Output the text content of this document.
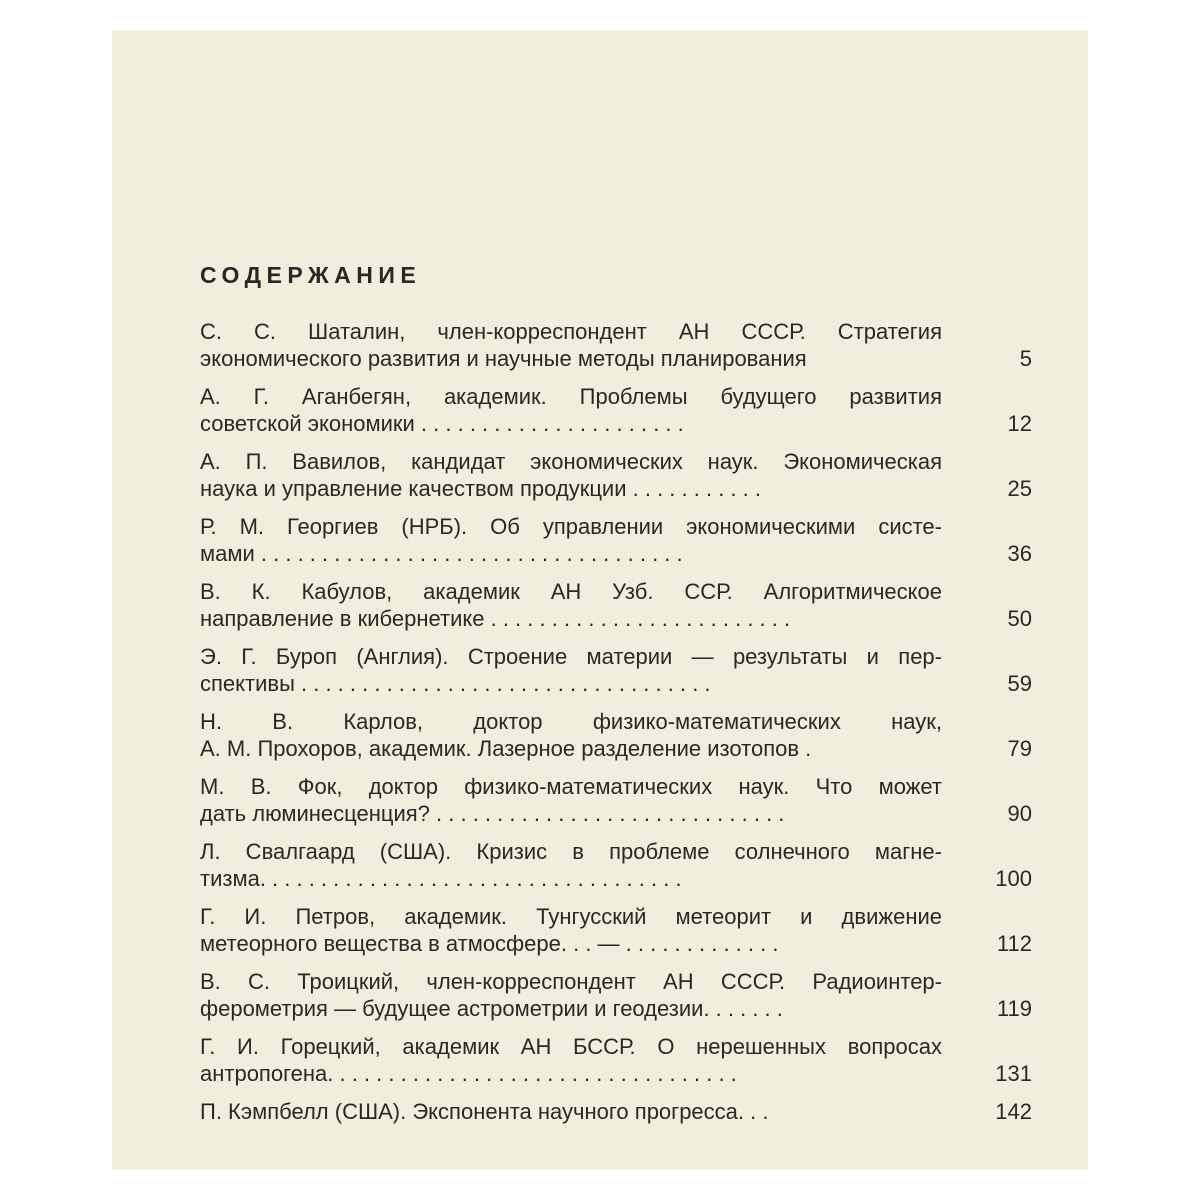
СОДЕРЖАНИЕ
С. С. Шаталин, член-корреспондент АН СССР. Стратегия
экономического развития и научные методы планирования	5
А. Г. Аганбегян, академик. Проблемы будущего развития
советской экономики . . . . . . . . . . . . . . . . . . . . . .	12
А. П. Вавилов, кандидат экономических наук. Экономическая
наука и управление качеством продукции . . . . . . . . . . .	25
Р. М. Георгиев (НРБ). Об управлении экономическими систе-
мами . . . . . . . . . . . . . . . . . . . . . . . . . . . . . . . . . . .	36
В. К. Кабулов, академик АН Узб. ССР. Алгоритмическое
направление в кибернетике . . . . . . . . . . . . . . . . . . . . . . . . .	50
Э. Г. Буроп (Англия). Строение материи — результаты и пер-
спективы . . . . . . . . . . . . . . . . . . . . . . . . . . . . . . . . . .	59
Н. В. Карлов, доктор физико-математических наук,
А. М. Прохоров, академик. Лазерное разделение изотопов .	79
М. В. Фок, доктор физико-математических наук. Что может
дать люминесценция? . . . . . . . . . . . . . . . . . . . . . . . . . . . . .	90
Л. Свалгаард (США). Кризис в проблеме солнечного магне-
тизма. . . . . . . . . . . . . . . . . . . . . . . . . . . . . . . . . . .	100
Г. И. Петров, академик. Тунгусский метеорит и движение
метеорного вещества в атмосфере. . . — . . . . . . . . . . . . .	112
В. С. Троицкий, член-корреспондент АН СССР. Радиоинтер-
ферометрия — будущее астрометрии и геодезии. . . . . . .	119
Г. И. Горецкий, академик АН БССР. О нерешенных вопросах
антропогена. . . . . . . . . . . . . . . . . . . . . . . . . . . . . . . . . .	131
П. Кэмпбелл (США). Экспонента научного прогресса. . .	142
